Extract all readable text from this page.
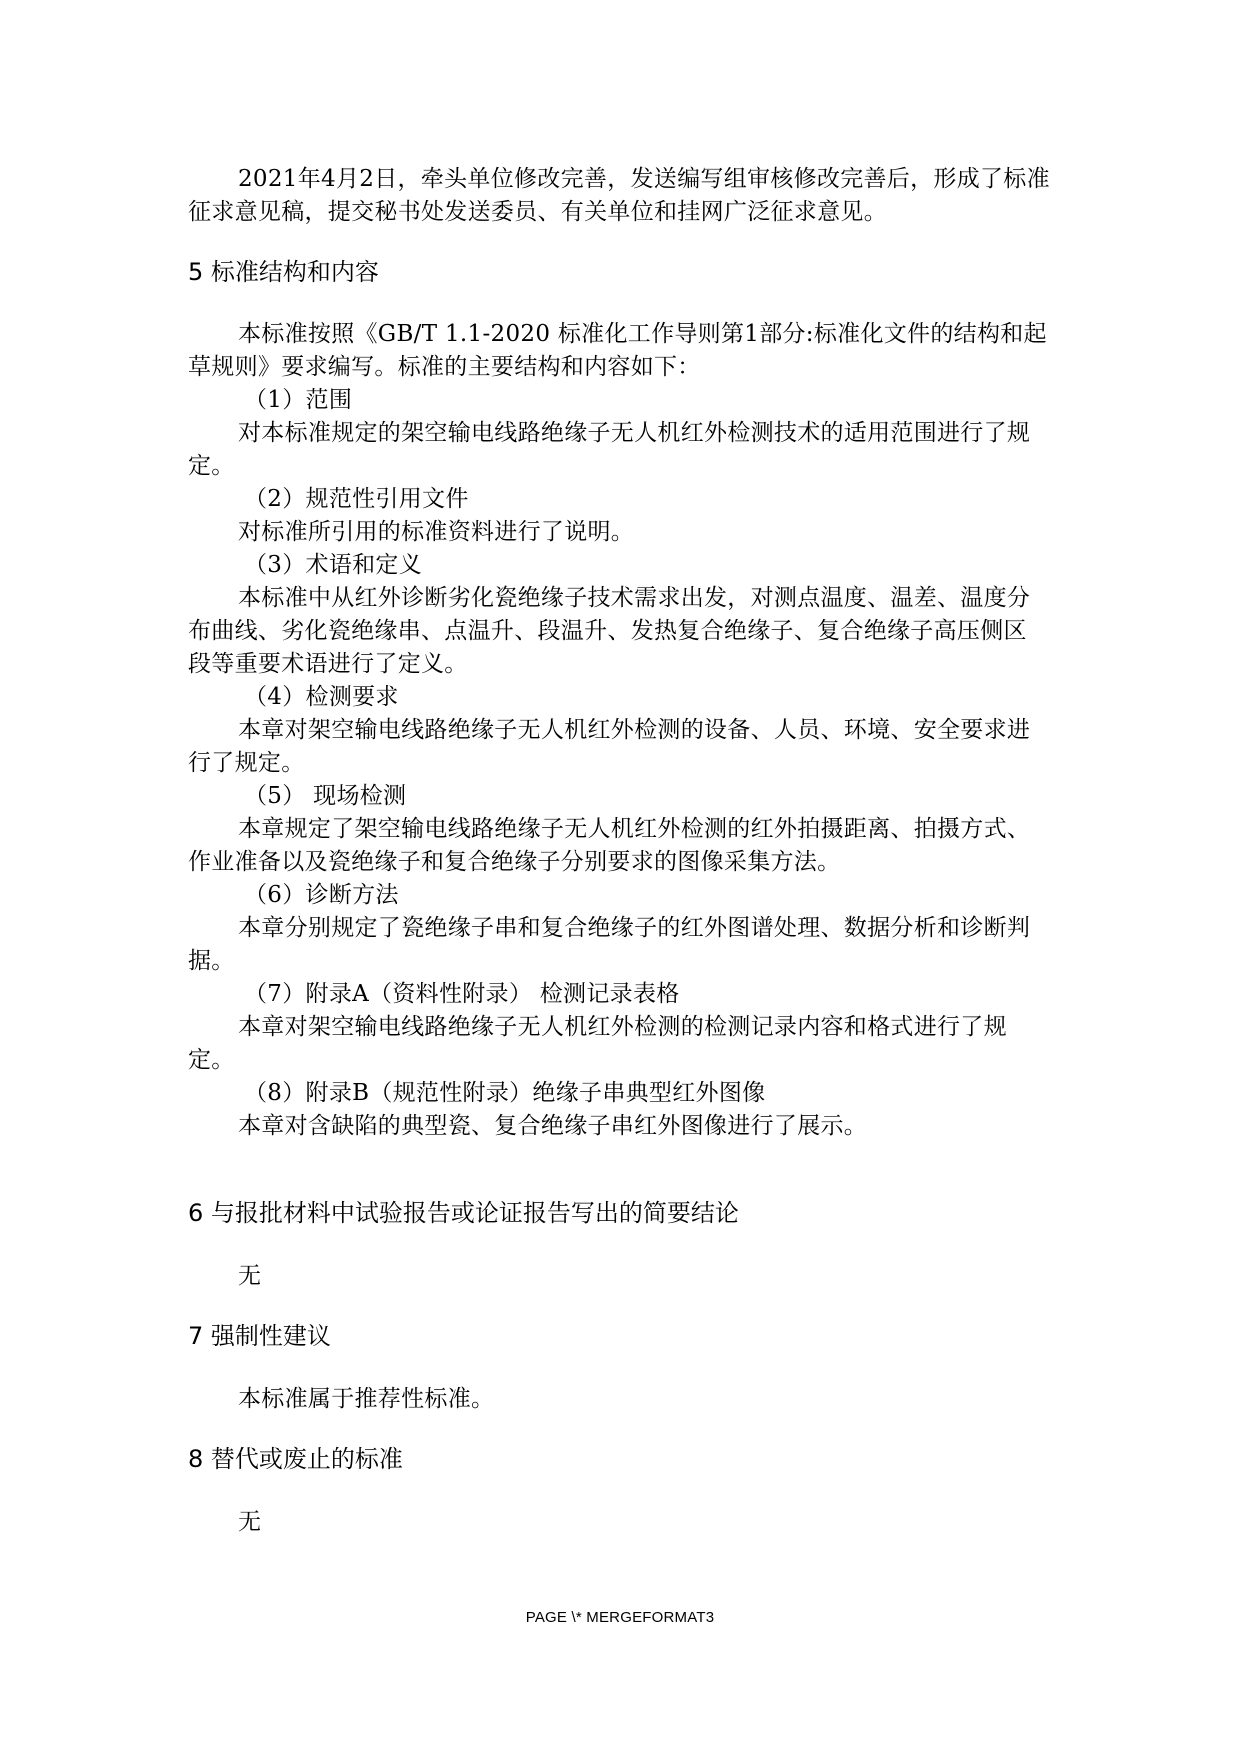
2021年4月2日，牵头单位修改完善，发送编写组审核修改完善后，形成了标准征求意见稿，提交秘书处发送委员、有关单位和挂网广泛征求意见。

5 标准结构和内容

本标准按照《GB/T 1.1-2020 标准化工作导则第1部分:标准化文件的结构和起草规则》要求编写。标准的主要结构和内容如下：

（1）范围

对本标准规定的架空输电线路绝缘子无人机红外检测技术的适用范围进行了规定。

（2）规范性引用文件

对标准所引用的标准资料进行了说明。

（3）术语和定义

本标准中从红外诊断劣化瓷绝缘子技术需求出发，对测点温度、温差、温度分布曲线、劣化瓷绝缘串、点温升、段温升、发热复合绝缘子、复合绝缘子高压侧区段等重要术语进行了定义。

（4）检测要求

本章对架空输电线路绝缘子无人机红外检测的设备、人员、环境、安全要求进行了规定。

（5） 现场检测

本章规定了架空输电线路绝缘子无人机红外检测的红外拍摄距离、拍摄方式、作业准备以及瓷绝缘子和复合绝缘子分别要求的图像采集方法。

（6）诊断方法

本章分别规定了瓷绝缘子串和复合绝缘子的红外图谱处理、数据分析和诊断判据。

（7）附录A（资料性附录） 检测记录表格

本章对架空输电线路绝缘子无人机红外检测的检测记录内容和格式进行了规定。

（8）附录B（规范性附录）绝缘子串典型红外图像

本章对含缺陷的典型瓷、复合绝缘子串红外图像进行了展示。

6 与报批材料中试验报告或论证报告写出的简要结论

无

7 强制性建议

本标准属于推荐性标准。

8 替代或废止的标准

无

PAGE \* MERGEFORMAT3
